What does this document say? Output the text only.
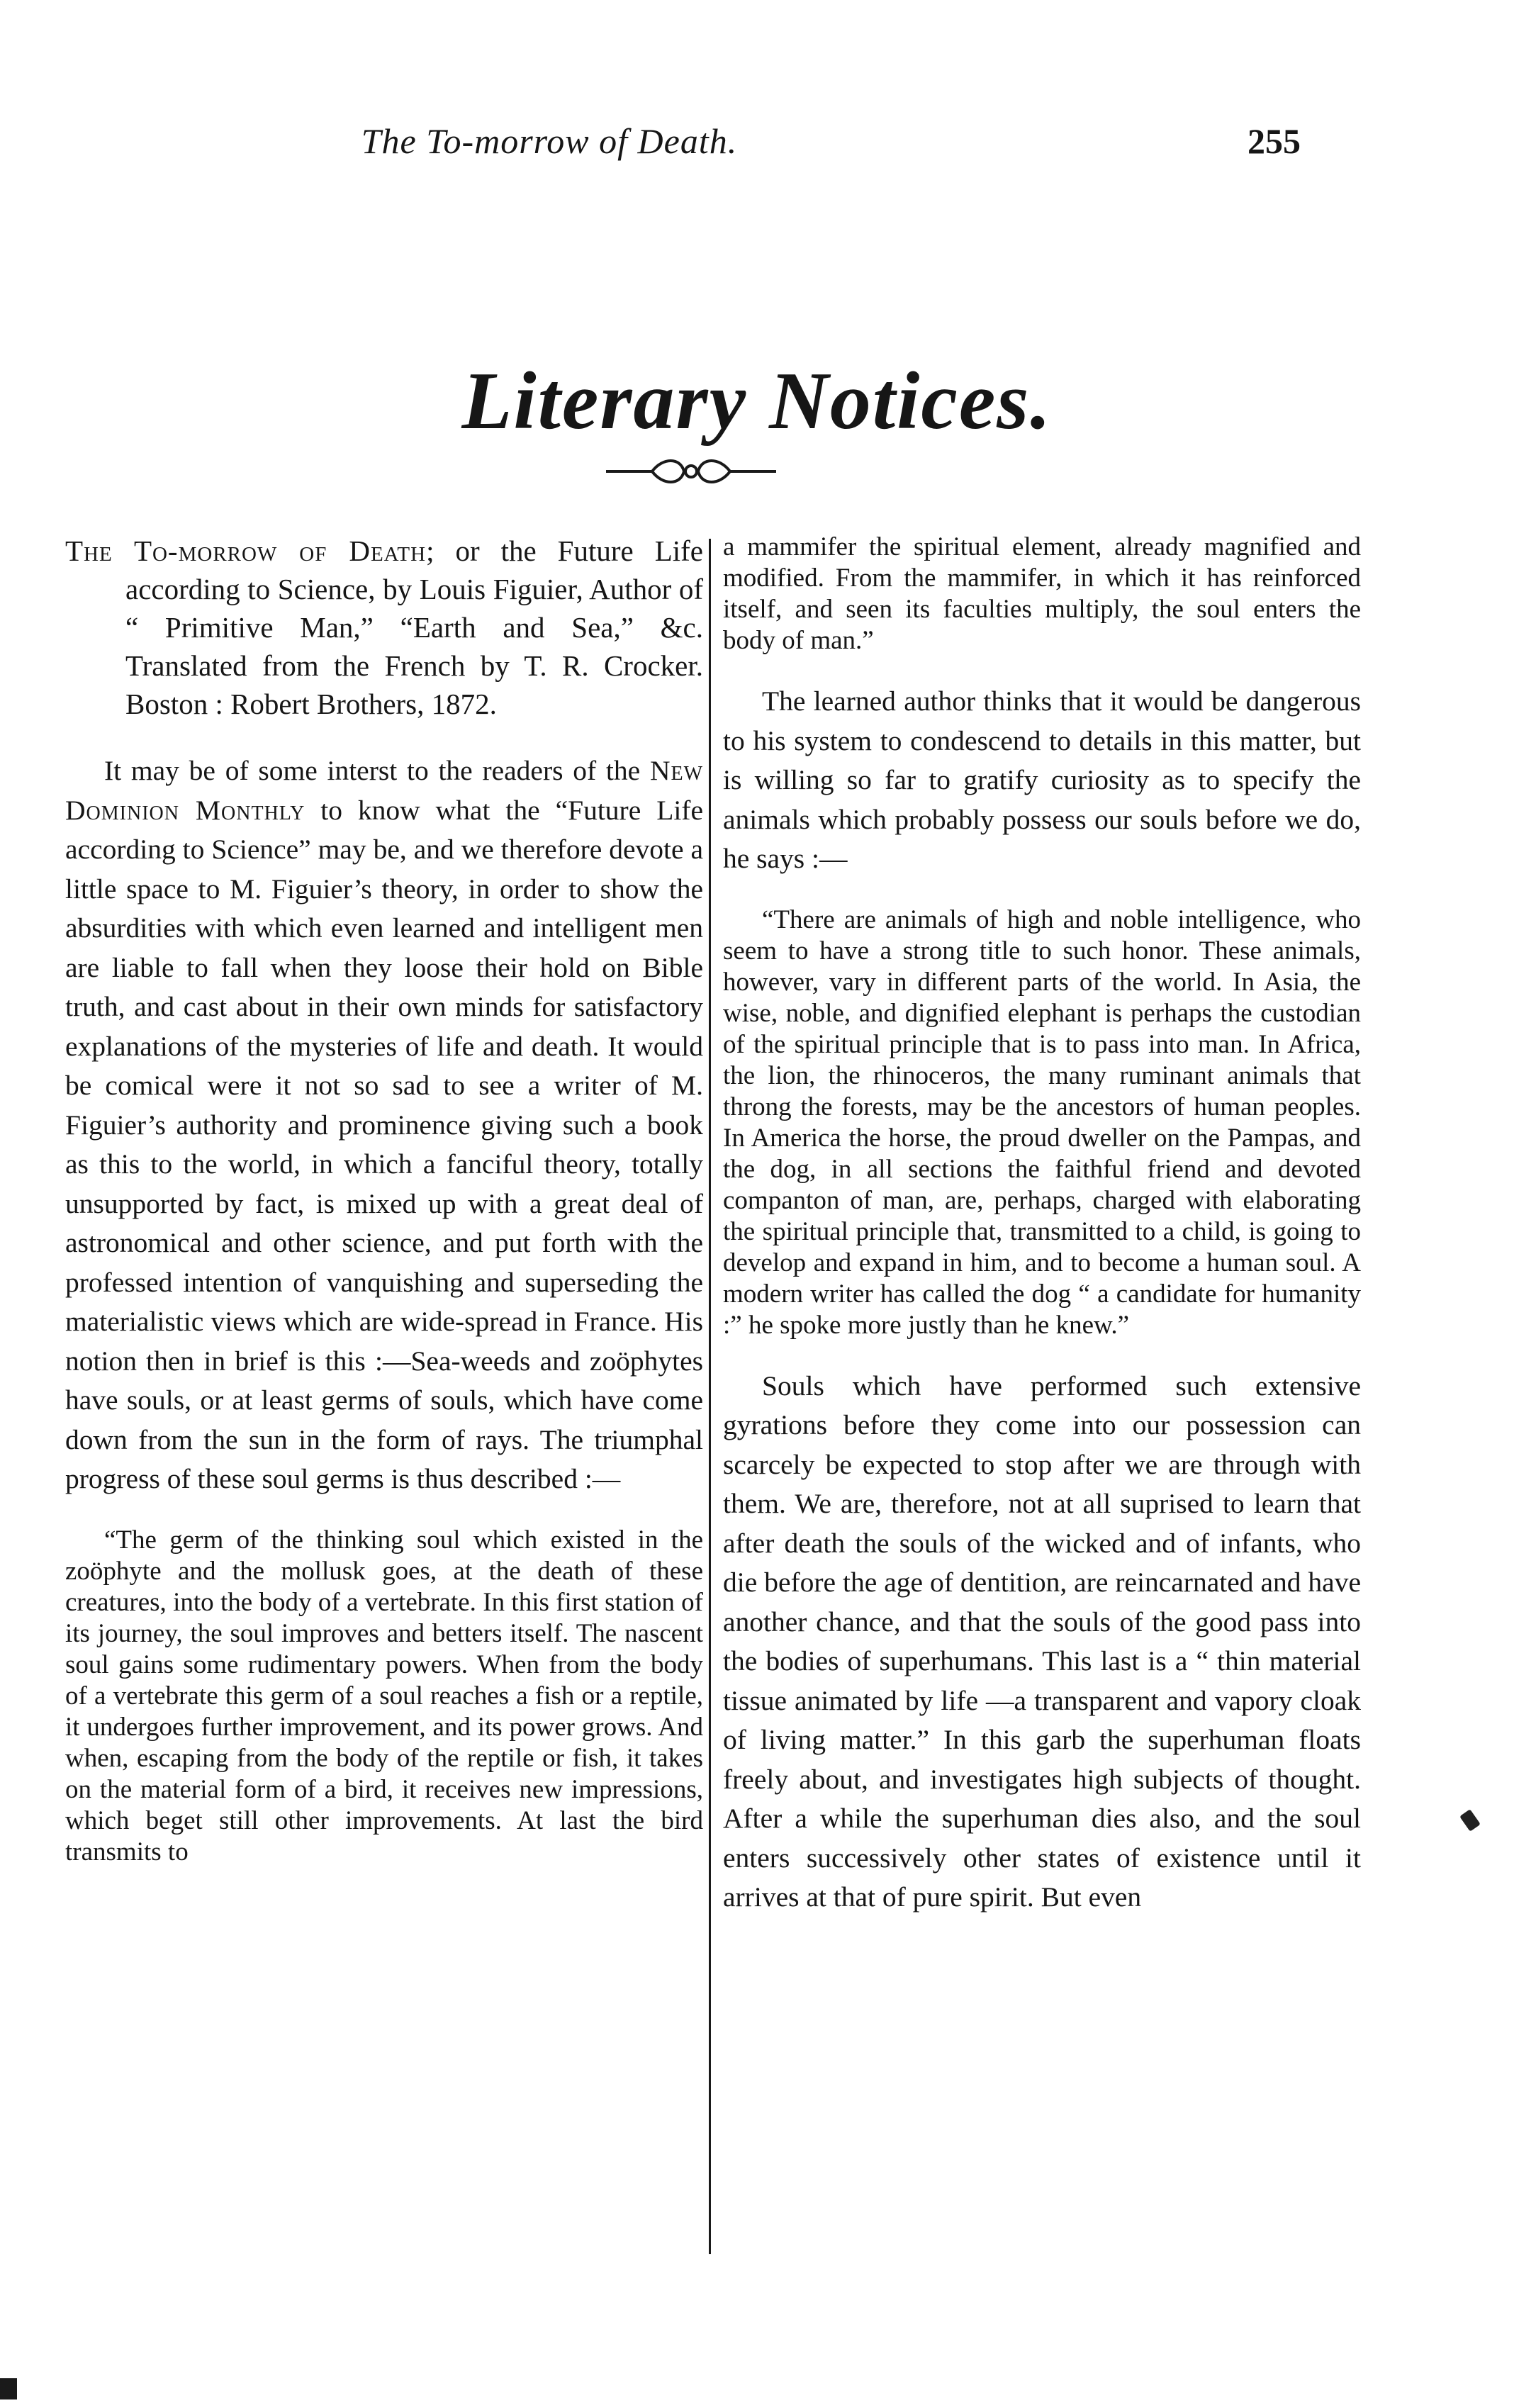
The To-morrow of Death.	255
Literary Notices.

The To-morrow of Death; or the Future Life according to Science, by Louis Figuier, Author of “ Primitive Man,” “Earth and Sea,” &c. Translated from the French by T. R. Crocker. Boston : Robert Brothers, 1872.

It may be of some interst to the readers of the New Dominion Monthly to know what the “Future Life according to Science” may be, and we therefore devote a little space to M. Figuier’s theory, in order to show the absurdities with which even learned and intelligent men are liable to fall when they loose their hold on Bible truth, and cast about in their own minds for satisfactory explanations of the mysteries of life and death. It would be comical were it not so sad to see a writer of M. Figuier’s authority and prominence giving such a book as this to the world, in which a fanciful theory, totally unsupported by fact, is mixed up with a great deal of astronomical and other science, and put forth with the professed intention of vanquishing and superseding the materialistic views which are wide-spread in France. His notion then in brief is this :—Sea-weeds and zoöphytes have souls, or at least germs of souls, which have come down from the sun in the form of rays. The triumphal progress of these soul germs is thus described :—

“The germ of the thinking soul which existed in the zoöphyte and the mollusk goes, at the death of these creatures, into the body of a vertebrate. In this first station of its journey, the soul improves and betters itself. The nascent soul gains some rudimentary powers. When from the body of a vertebrate this germ of a soul reaches a fish or a reptile, it undergoes further improvement, and its power grows. And when, escaping from the body of the reptile or fish, it takes on the material form of a bird, it receives new impressions, which beget still other improvements. At last the bird transmits to

a mammifer the spiritual element, already magnified and modified. From the mammifer, in which it has reinforced itself, and seen its faculties multiply, the soul enters the body of man.”

The learned author thinks that it would be dangerous to his system to condescend to details in this matter, but is willing so far to gratify curiosity as to specify the animals which probably possess our souls before we do, he says :—

“There are animals of high and noble intelligence, who seem to have a strong title to such honor. These animals, however, vary in different parts of the world. In Asia, the wise, noble, and dignified elephant is perhaps the custodian of the spiritual principle that is to pass into man. In Africa, the lion, the rhinoceros, the many ruminant animals that throng the forests, may be the ancestors of human peoples. In America the horse, the proud dweller on the Pampas, and the dog, in all sections the faithful friend and devoted companton of man, are, perhaps, charged with elaborating the spiritual principle that, transmitted to a child, is going to develop and expand in him, and to become a human soul. A modern writer has called the dog “ a candidate for humanity :” he spoke more justly than he knew.”

Souls which have performed such extensive gyrations before they come into our possession can scarcely be expected to stop after we are through with them. We are, therefore, not at all suprised to learn that after death the souls of the wicked and of infants, who die before the age of dentition, are reincarnated and have another chance, and that the souls of the good pass into the bodies of superhumans. This last is a “ thin material tissue animated by life —a transparent and vapory cloak of living matter.” In this garb the superhuman floats freely about, and investigates high subjects of thought. After a while the superhuman dies also, and the soul enters successively other states of existence until it arrives at that of pure spirit. But even
